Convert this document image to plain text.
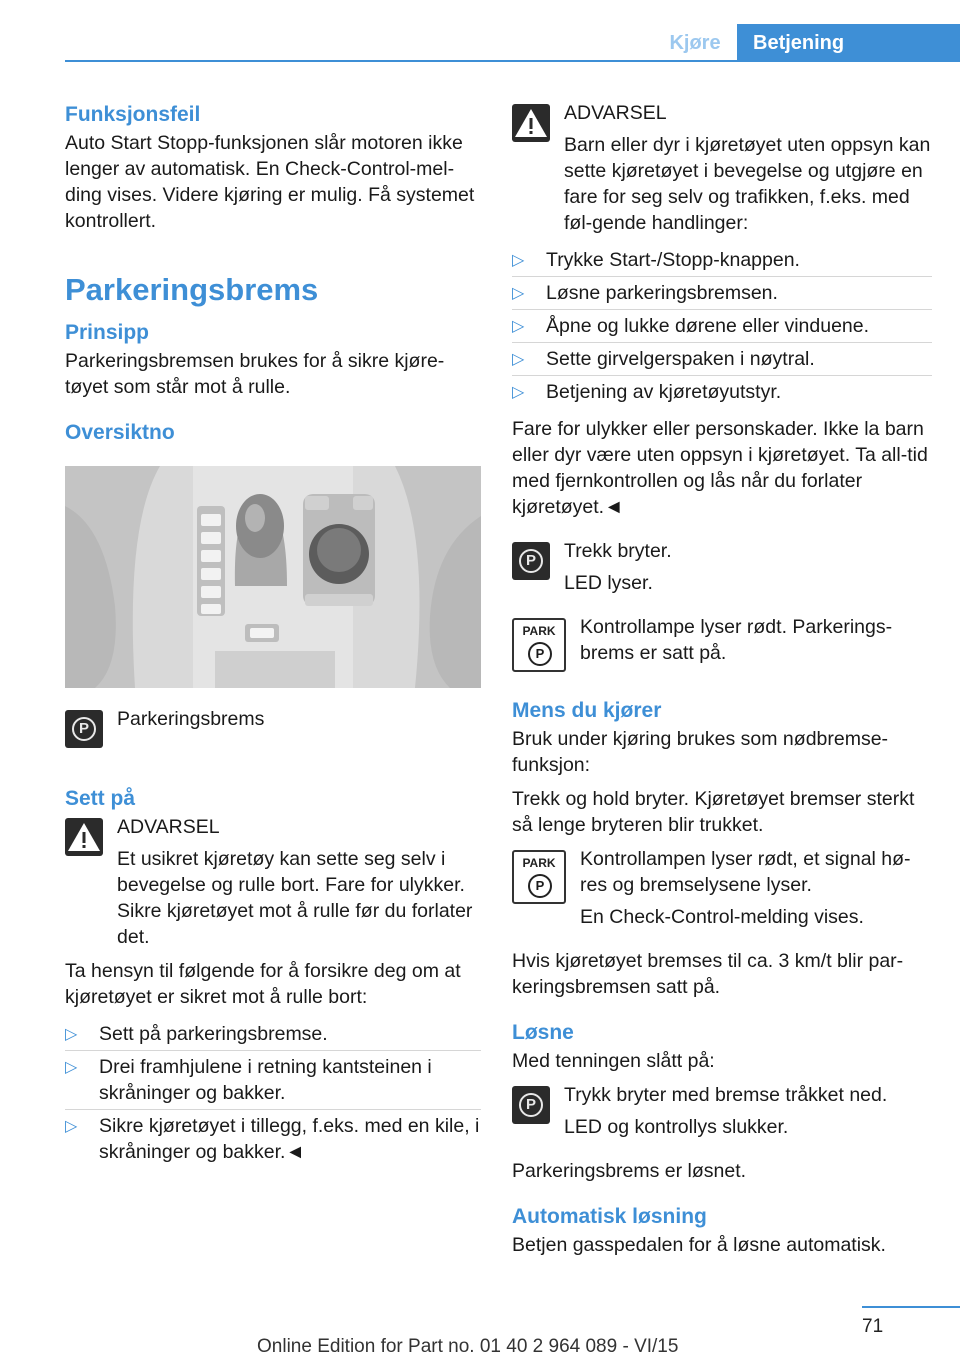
Kjøre	Betjening
Funksjonsfeil

Auto Start Stopp-funksjonen slår motoren ikke lenger av automatisk. En Check-Control-mel‐ding vises. Videre kjøring er mulig. Få systemet kontrollert.

Parkeringsbrems
Prinsipp

Parkeringsbremsen brukes for å sikre kjøre‐tøyet som står mot å rulle.

Oversiktno
P	Parkeringsbrems

Sett på

ADVARSEL

Et usikret kjøretøy kan sette seg selv i bevegelse og rulle bort. Fare for ulykker. Sikre kjøretøyet mot å rulle før du forlater det.

Ta hensyn til følgende for å forsikre deg om at kjøretøyet er sikret mot å rulle bort:

▷ Sett på parkeringsbremse.
▷ Drei framhjulene i retning kantsteinen i skråninger og bakker.
▷ Sikre kjøretøyet i tillegg, f.eks. med en kile, i skråninger og bakker.◄

ADVARSEL

Barn eller dyr i kjøretøyet uten oppsyn kan sette kjøretøyet i bevegelse og utgjøre en fare for seg selv og trafikken, f.eks. med føl‐gende handlinger:

▷ Trykke Start-/Stopp-knappen.
▷ Løsne parkeringsbremsen.
▷ Åpne og lukke dørene eller vinduene.
▷ Sette girvelgerspaken i nøytral.
▷ Betjening av kjøretøyutstyr.

Fare for ulykker eller personskader. Ikke la barn eller dyr være uten oppsyn i kjøretøyet. Ta all‐tid med fjernkontrollen og lås når du forlater kjøretøyet.◄

P	Trekk bryter.

LED lyser.

PARK
P

Kontrollampe lyser rødt. Parkerings‐brems er satt på.

Mens du kjører

Bruk under kjøring brukes som nødbremse‐funksjon:

Trekk og hold bryter. Kjøretøyet bremser sterkt så lenge bryteren blir trukket.

PARK
P

Kontrollampen lyser rødt, et signal hø‐res og bremselysene lyser.

En Check-Control-melding vises.

Hvis kjøretøyet bremses til ca. 3 km/t blir par‐keringsbremsen satt på.

Løsne

Med tenningen slått på:

P	Trykk bryter med bremse tråkket ned.

LED og kontrollys slukker.

Parkeringsbrems er løsnet.

Automatisk løsning

Betjen gasspedalen for å løsne automatisk.

71
Online Edition for Part no. 01 40 2 964 089 - VI/15
